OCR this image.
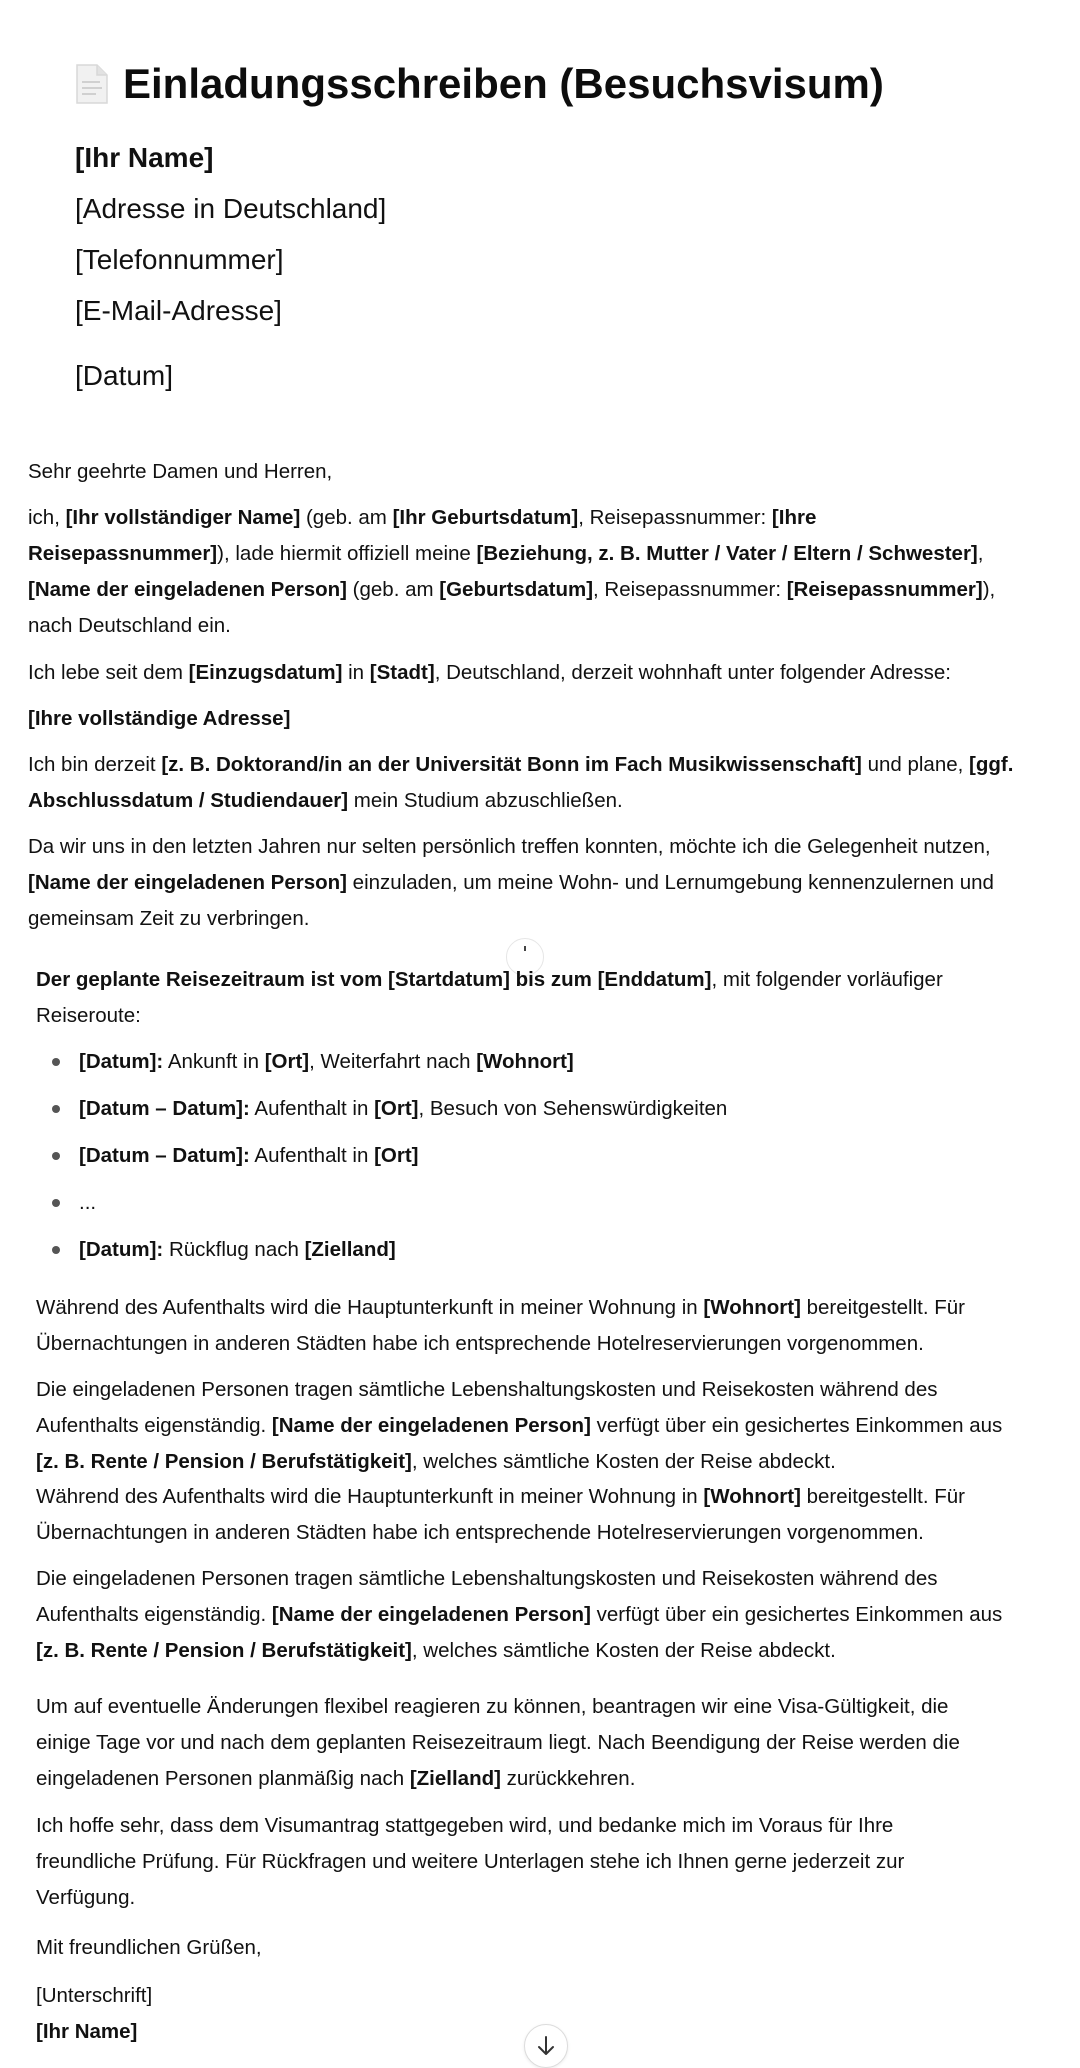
Einladungsschreiben (Besuchsvisum)
[Ihr Name]
[Adresse in Deutschland]
[Telefonnummer]
[E-Mail-Adresse]
[Datum]
Sehr geehrte Damen und Herren,
ich, [Ihr vollständiger Name] (geb. am [Ihr Geburtsdatum], Reisepassnummer: [Ihre
Reisepassnummer]), lade hiermit offiziell meine [Beziehung, z. B. Mutter / Vater / Eltern / Schwester],
[Name der eingeladenen Person] (geb. am [Geburtsdatum], Reisepassnummer: [Reisepassnummer]),
nach Deutschland ein.
Ich lebe seit dem [Einzugsdatum] in [Stadt], Deutschland, derzeit wohnhaft unter folgender Adresse:
[Ihre vollständige Adresse]
Ich bin derzeit [z. B. Doktorand/in an der Universität Bonn im Fach Musikwissenschaft] und plane, [ggf.
Abschlussdatum / Studiendauer] mein Studium abzuschließen.
Da wir uns in den letzten Jahren nur selten persönlich treffen konnten, möchte ich die Gelegenheit nutzen,
[Name der eingeladenen Person] einzuladen, um meine Wohn- und Lernumgebung kennenzulernen und
gemeinsam Zeit zu verbringen.
Der geplante Reisezeitraum ist vom [Startdatum] bis zum [Enddatum], mit folgender vorläufiger
Reiseroute:
[Datum]: Ankunft in [Ort], Weiterfahrt nach [Wohnort]
[Datum – Datum]: Aufenthalt in [Ort], Besuch von Sehenswürdigkeiten
[Datum – Datum]: Aufenthalt in [Ort]
...
[Datum]: Rückflug nach [Zielland]
Während des Aufenthalts wird die Hauptunterkunft in meiner Wohnung in [Wohnort] bereitgestellt. Für
Übernachtungen in anderen Städten habe ich entsprechende Hotelreservierungen vorgenommen.
Die eingeladenen Personen tragen sämtliche Lebenshaltungskosten und Reisekosten während des
Aufenthalts eigenständig. [Name der eingeladenen Person] verfügt über ein gesichertes Einkommen aus
[z. B. Rente / Pension / Berufstätigkeit], welches sämtliche Kosten der Reise abdeckt.
Während des Aufenthalts wird die Hauptunterkunft in meiner Wohnung in [Wohnort] bereitgestellt. Für
Übernachtungen in anderen Städten habe ich entsprechende Hotelreservierungen vorgenommen.
Die eingeladenen Personen tragen sämtliche Lebenshaltungskosten und Reisekosten während des
Aufenthalts eigenständig. [Name der eingeladenen Person] verfügt über ein gesichertes Einkommen aus
[z. B. Rente / Pension / Berufstätigkeit], welches sämtliche Kosten der Reise abdeckt.
Um auf eventuelle Änderungen flexibel reagieren zu können, beantragen wir eine Visa-Gültigkeit, die
einige Tage vor und nach dem geplanten Reisezeitraum liegt. Nach Beendigung der Reise werden die
eingeladenen Personen planmäßig nach [Zielland] zurückkehren.
Ich hoffe sehr, dass dem Visumantrag stattgegeben wird, und bedanke mich im Voraus für Ihre
freundliche Prüfung. Für Rückfragen und weitere Unterlagen stehe ich Ihnen gerne jederzeit zur
Verfügung.
Mit freundlichen Grüßen,
[Unterschrift]
[Ihr Name]
